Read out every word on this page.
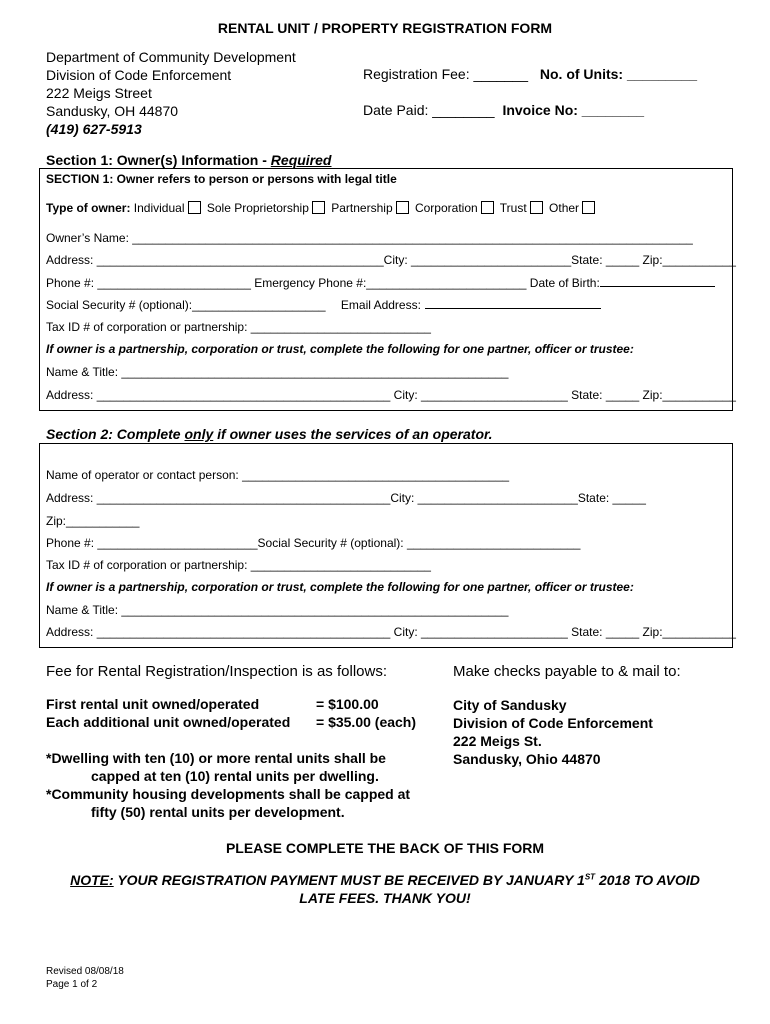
RENTAL UNIT / PROPERTY REGISTRATION FORM
Department of Community Development
Division of Code Enforcement
222 Meigs Street
Sandusky, OH 44870
(419) 627-5913
Registration Fee: _______ No. of Units: _________
Date Paid: ________ Invoice No: ________
Section 1: Owner(s) Information - Required
SECTION 1: Owner refers to person or persons with legal title
Type of owner: Individual Sole Proprietorship Partnership Corporation Trust Other
Owner’s Name: ____________________________________________________________________________________
Address: ___________________________________________City: ________________________State: _____ Zip:___________
Phone #: _______________________ Emergency Phone #:________________________ Date of Birth:
Social Security # (optional):____________________ Email Address:
Tax ID # of corporation or partnership: ___________________________
If owner is a partnership, corporation or trust, complete the following for one partner, officer or trustee:
Name & Title: __________________________________________________________
Address: ____________________________________________ City: ______________________ State: _____ Zip:___________
Section 2: Complete only if owner uses the services of an operator.
Name of operator or contact person: ________________________________________
Address: ____________________________________________City: ________________________State: _____
Zip:___________
Phone #: ________________________Social Security # (optional): __________________________
Tax ID # of corporation or partnership: ___________________________
If owner is a partnership, corporation or trust, complete the following for one partner, officer or trustee:
Name & Title: __________________________________________________________
Address: ____________________________________________ City: ______________________ State: _____ Zip:___________
Fee for Rental Registration/Inspection is as follows:	Make checks payable to & mail to:
First rental unit owned/operated	= $100.00
Each additional unit owned/operated = $35.00 (each)
*Dwelling with ten (10) or more rental units shall be
capped at ten (10) rental units per dwelling.
*Community housing developments shall be capped at
fifty (50) rental units per development.
City of Sandusky
Division of Code Enforcement
222 Meigs St.
Sandusky, Ohio 44870
PLEASE COMPLETE THE BACK OF THIS FORM
NOTE: YOUR REGISTRATION PAYMENT MUST BE RECEIVED BY JANUARY 1ST 2018 TO AVOID
LATE FEES. THANK YOU!
Revised 08/08/18
Page 1 of 2
